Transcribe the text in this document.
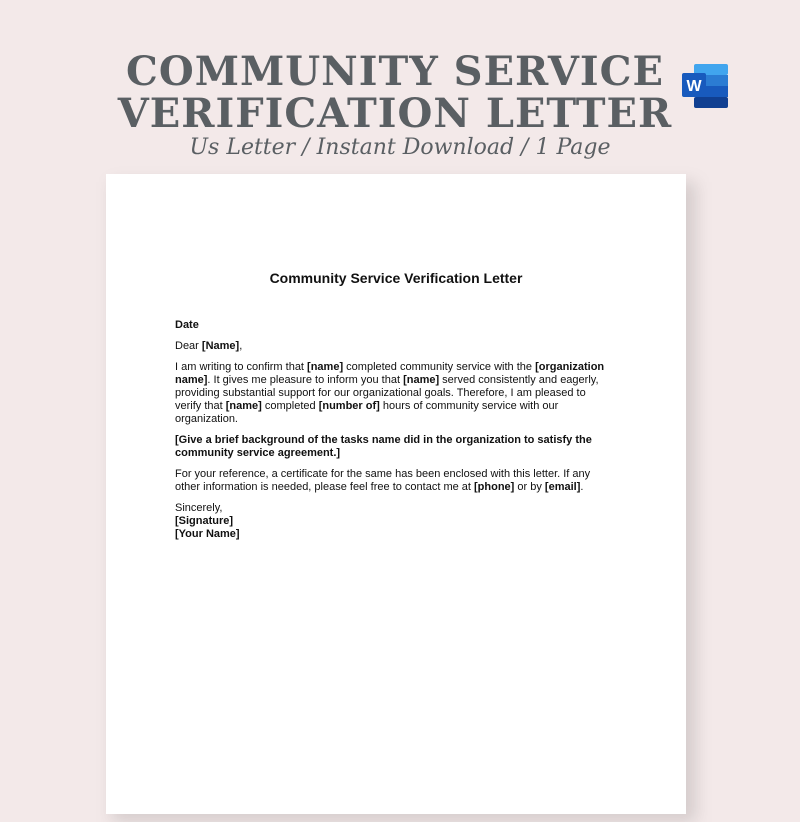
COMMUNITY SERVICE
VERIFICATION LETTER
Us Letter / Instant Download / 1 Page
W
Community Service Verification Letter

Date

Dear [Name],

I am writing to confirm that [name] completed community service with the [organization name]. It gives me pleasure to inform you that [name] served consistently and eagerly, providing substantial support for our organizational goals. Therefore, I am pleased to verify that [name] completed [number of] hours of community service with our organization.

[Give a brief background of the tasks name did in the organization to satisfy the community service agreement.]

For your reference, a certificate for the same has been enclosed with this letter. If any other information is needed, please feel free to contact me at [phone] or by [email].

Sincerely,

[Signature]

[Your Name]
